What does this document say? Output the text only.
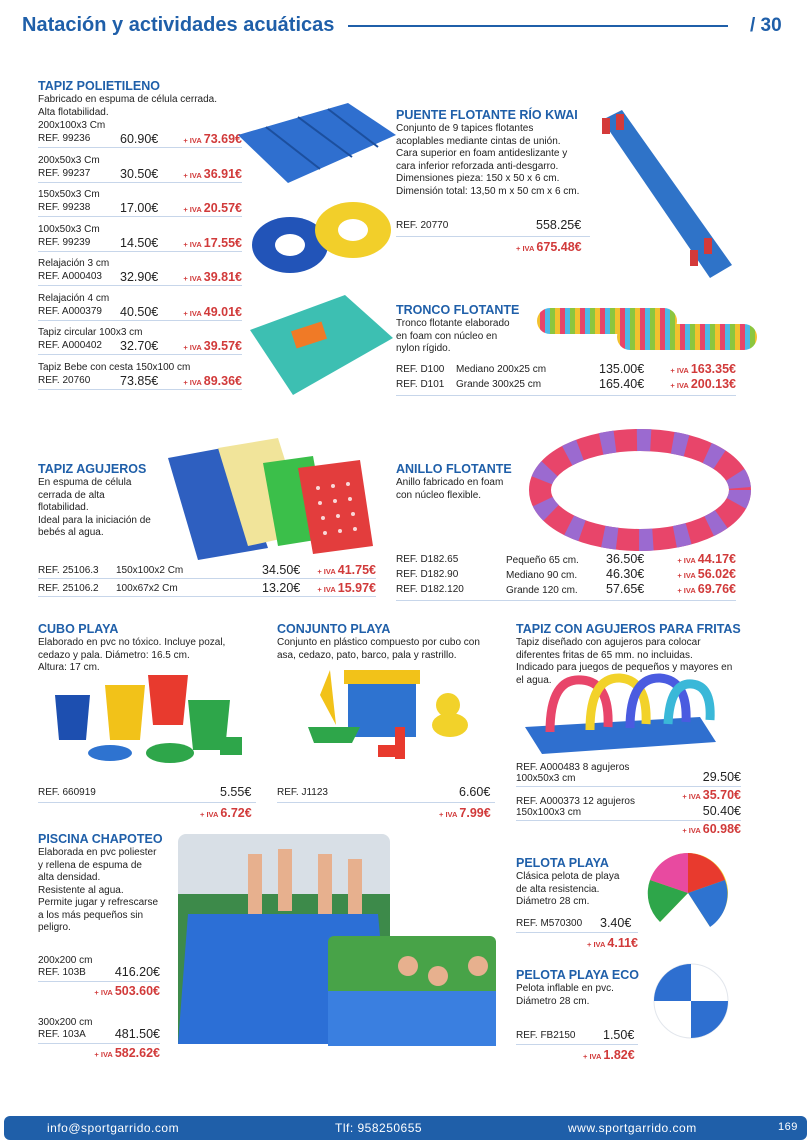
Natación y actividades acuáticas	/ 30
TAPIZ POLIETILENO
Fabricado en espuma de célula cerrada.
Alta flotabilidad.
200x100x3 Cm
REF. 99236 60.90€	+ IVA 73.69€
200x50x3 Cm
REF. 99237 30.50€	+ IVA 36.91€
150x50x3 Cm
REF. 99238 17.00€	+ IVA 20.57€
100x50x3 Cm
REF. 99239 14.50€	+ IVA 17.55€
Relajación 3 cm
REF. A000403 32.90€	+ IVA 39.81€
Relajación 4 cm
REF. A000379 40.50€	+ IVA 49.01€
Tapiz circular 100x3 cm
REF. A000402 32.70€	+ IVA 39.57€
Tapiz Bebe con cesta 150x100 cm
REF. 20760 73.85€	+ IVA 89.36€
PUENTE FLOTANTE RÍO KWAI
Conjunto de 9 tapices flotantes
acoplables mediante cintas de unión.
Cara superior en foam antideslizante y
cara inferior reforzada anti-desgarro.
Dimensiones pieza: 150 x 50 x 6 cm.
Dimensión total: 13,50 m x 50 cm x 6 cm.
REF. 20770	558.25€
+ IVA 675.48€
TRONCO FLOTANTE
Tronco flotante elaborado
en foam con núcleo en
nylon rígido.
REF. D100 Mediano 200x25 cm	135.00€	+ IVA 163.35€
REF. D101 Grande 300x25 cm	165.40€	+ IVA 200.13€
TAPIZ AGUJEROS
En espuma de célula
cerrada de alta
flotabilidad.
Ideal para la iniciación de
bebés al agua.
REF. 25106.3 150x100x2 Cm	34.50€ + IVA 41.75€
REF. 25106.2 100x67x2 Cm	13.20€ + IVA 15.97€
ANILLO FLOTANTE
Anillo fabricado en foam
con núcleo flexible.
REF. D182.65	Pequeño 65 cm. 36.50€	+ IVA 44.17€
REF. D182.90	Mediano 90 cm. 46.30€	+ IVA 56.02€
REF. D182.120	Grande 120 cm. 57.65€	+ IVA 69.76€
CUBO PLAYA
Elaborado en pvc no tóxico. Incluye pozal,
cedazo y pala. Diámetro: 16.5 cm.
Altura: 17 cm.
REF. 660919	5.55€
+ IVA 6.72€
CONJUNTO PLAYA
Conjunto en plástico compuesto por cubo con
asa, cedazo, pato, barco, pala y rastrillo.
REF. J1123	6.60€
+ IVA 7.99€
TAPIZ CON AGUJEROS PARA FRITAS
Tapiz diseñado con agujeros para colocar
diferentes fritas de 65 mm. no incluidas.
Indicado para juegos de pequeños y mayores en
el agua.
REF. A000483 8 agujeros
100x50x3 cm	29.50€
+ IVA 35.70€
REF. A000373 12 agujeros
150x100x3 cm	50.40€
+ IVA 60.98€
PISCINA CHAPOTEO
Elaborada en pvc poliester
y rellena de espuma de
alta densidad.
Resistente al agua.
Permite jugar y refrescarse
a los más pequeños sin
peligro.
200x200 cm
REF. 103B 416.20€
+ IVA 503.60€
300x200 cm
REF. 103A 481.50€
+ IVA 582.62€
PELOTA PLAYA
Clásica pelota de playa
de alta resistencia.
Diámetro 28 cm.
REF. M570300 3.40€
+ IVA 4.11€
PELOTA PLAYA ECO
Pelota inflable en pvc.
Diámetro 28 cm.
REF. FB2150 1.50€
+ IVA 1.82€
info@sportgarrido.com	Tlf: 958250655	www.sportgarrido.com	169
